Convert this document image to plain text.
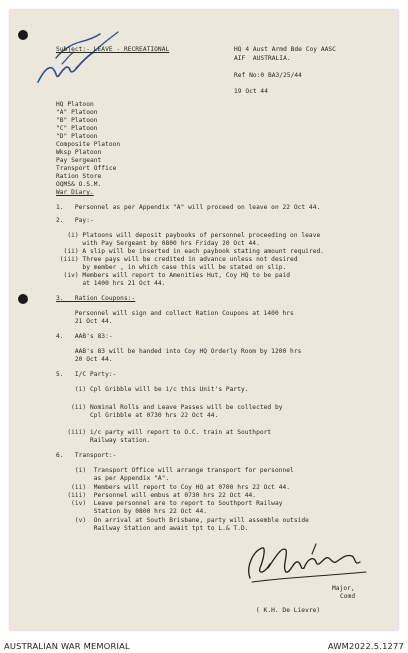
Subject:- LEAVE - RECREATIONAL	HQ 4 Aust Armd Bde Coy AASC
AIF  AUSTRALIA.
Ref No:0 BA3/25/44
19 Oct 44
HQ Platoon
"A" Platoon
"B" Platoon
"C" Platoon
"D" Platoon
Composite Platoon
Wksp Platoon
Pay Sergeant
Transport Office
Ration Store
OQMS& O.S.M.
War Diary.
1.   Personnel as per Appendix "A" will proceed on leave on 22 Oct 44.
2.   Pay:-
(i) Platoons will deposit paybooks of personnel proceeding on leave
with Pay Sergeant by 0800 hrs Friday 20 Oct 44.
(ii) A slip will be inserted in each paybook stating amount required.
(iii) Three pays will be credited in advance unless not desired
by member , in which case this will be stated on slip.
(iv) Members will report to Amenities Hut, Coy HQ to be paid
at 1400 hrs 21 Oct 44.
3.   Ration Coupons:-
Personnel will sign and collect Ration Coupons at 1400 hrs
21 Oct 44.
4.   AAB's 83:-
AAB's 83 will be handed into Coy HQ Orderly Room by 1200 hrs
20 Oct 44.
5.   I/C Party:-
(i) Cpl Gribble will be i/c this Unit's Party.
(ii) Nominal Rolls and Leave Passes will be collected by
Cpl Gribble at 0730 hrs 22 Oct 44.
(iii) i/c party will report to O.C. train at Southport
Railway station.
6.   Transport:-
(i)  Transport Office will arrange transport for personnel
as per Appendix "A".
(ii)  Members will report to Coy HQ at 0700 hrs 22 Oct 44.
(iii)  Personnel will embus at 0730 hrs 22 Oct 44.
(iv)  Leave personnel are to report to Southport Railway
Station by 0800 hrs 22 Oct 44.
(v)  On arrival at South Brisbane, party will assemble outside
Railway Station and await tpt to L.& T.D.
Major,
Comd
( K.H. De Lievre)
AUSTRALIAN WAR MEMORIAL	AWM2022.5.1277
